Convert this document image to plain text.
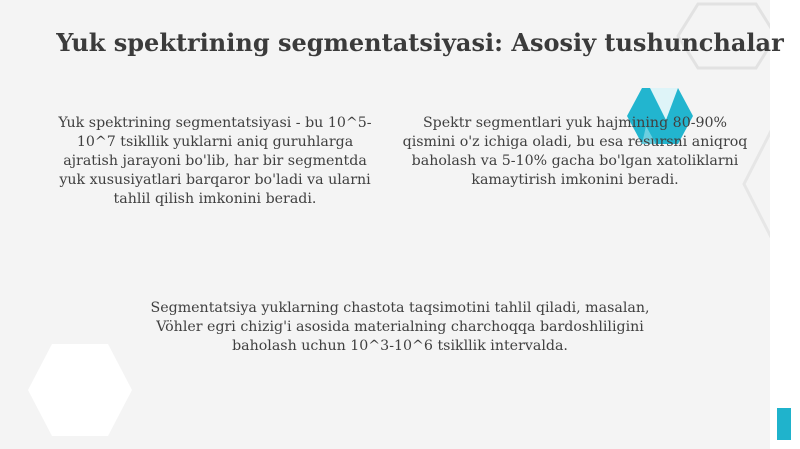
Yuk spektrining segmentatsiyasi: Asosiy tushunchalar

Yuk spektrining segmentatsiyasi - bu 10^5-10^7 tsikllik yuklarni aniq guruhlarga ajratish jarayoni bo'lib, har bir segmentda yuk xususiyatlari barqaror bo'ladi va ularni tahlil qilish imkonini beradi.

Spektr segmentlari yuk hajmining 80-90% qismini o'z ichiga oladi, bu esa resursni aniqroq baholash va 5-10% gacha bo'lgan xatoliklarni kamaytirish imkonini beradi.

Segmentatsiya yuklarning chastota taqsimotini tahlil qiladi, masalan, Vöhler egri chizig'i asosida materialning charchoqqa bardoshliligini baholash uchun 10^3-10^6 tsikllik intervalda.
